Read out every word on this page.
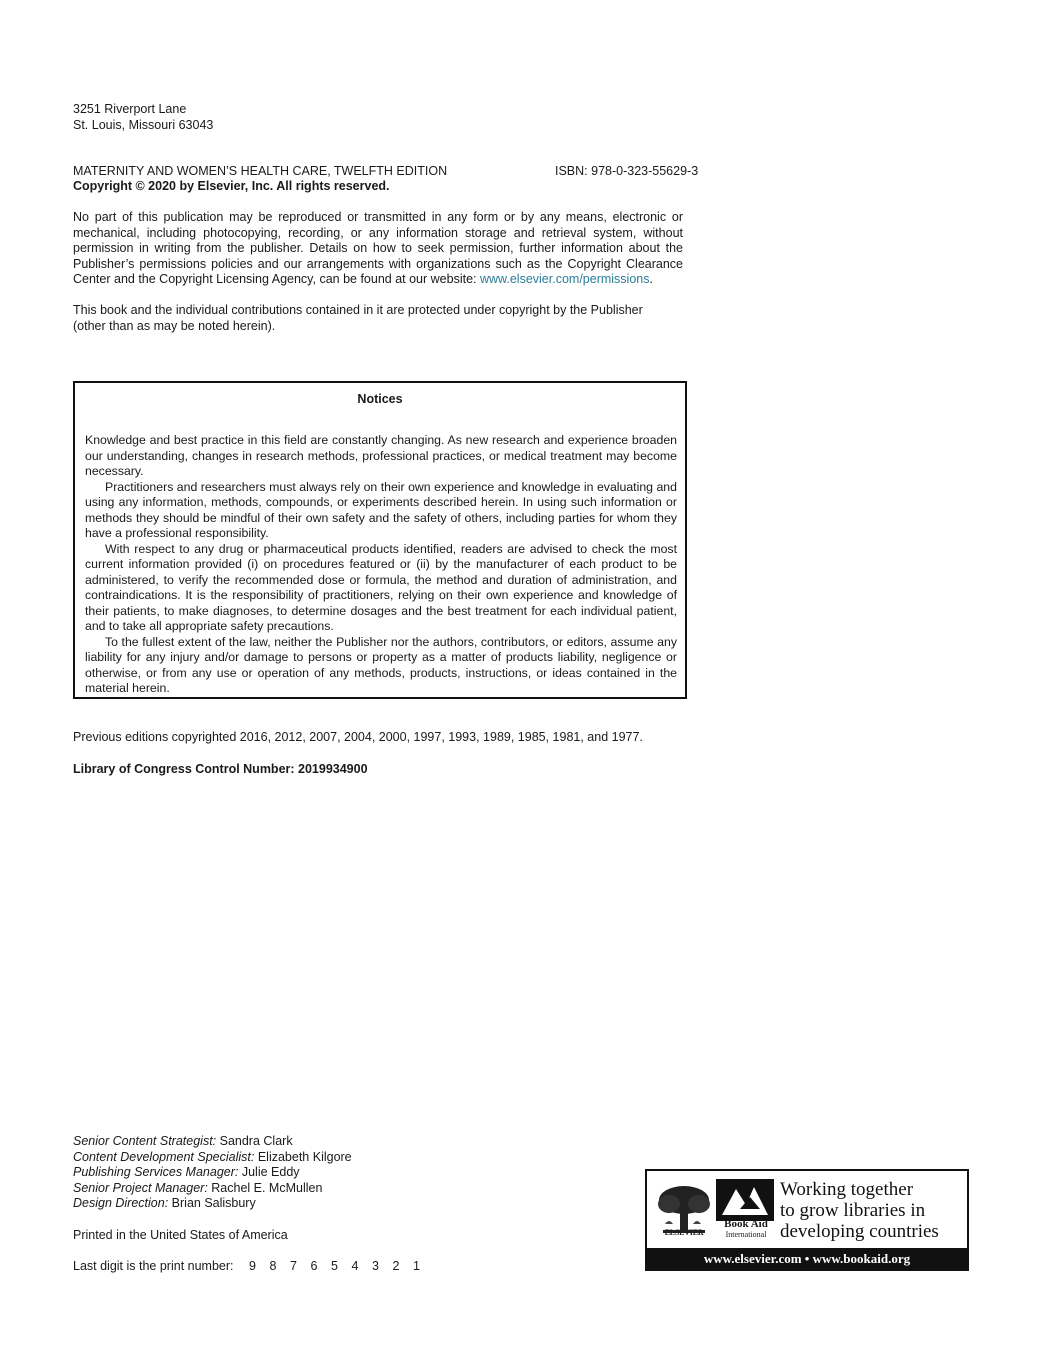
3251 Riverport Lane
St. Louis, Missouri 63043
MATERNITY AND WOMEN’S HEALTH CARE, TWELFTH EDITION	ISBN: 978-0-323-55629-3
Copyright © 2020 by Elsevier, Inc. All rights reserved.
No part of this publication may be reproduced or transmitted in any form or by any means, electronic or mechanical, including photocopying, recording, or any information storage and retrieval system, without permission in writing from the publisher. Details on how to seek permission, further information about the Publisher’s permissions policies and our arrangements with organizations such as the Copyright Clearance Center and the Copyright Licensing Agency, can be found at our website: www.elsevier.com/permissions.
This book and the individual contributions contained in it are protected under copyright by the Publisher (other than as may be noted herein).
Notices

Knowledge and best practice in this field are constantly changing. As new research and experience broaden our understanding, changes in research methods, professional practices, or medical treatment may become necessary.

Practitioners and researchers must always rely on their own experience and knowledge in evaluating and using any information, methods, compounds, or experiments described herein. In using such information or methods they should be mindful of their own safety and the safety of others, including parties for whom they have a professional responsibility.

With respect to any drug or pharmaceutical products identified, readers are advised to check the most current information provided (i) on procedures featured or (ii) by the manufacturer of each product to be administered, to verify the recommended dose or formula, the method and duration of administration, and contraindications. It is the responsibility of practitioners, relying on their own experience and knowledge of their patients, to make diagnoses, to determine dosages and the best treatment for each individual patient, and to take all appropriate safety precautions.

To the fullest extent of the law, neither the Publisher nor the authors, contributors, or editors, assume any liability for any injury and/or damage to persons or property as a matter of products liability, negligence or otherwise, or from any use or operation of any methods, products, instructions, or ideas contained in the material herein.

Previous editions copyrighted 2016, 2012, 2007, 2004, 2000, 1997, 1993, 1989, 1985, 1981, and 1977.
Library of Congress Control Number: 2019934900
Senior Content Strategist: Sandra Clark
Content Development Specialist: Elizabeth Kilgore
Publishing Services Manager: Julie Eddy
Senior Project Manager: Rachel E. McMullen
Design Direction: Brian Salisbury
Printed in the United States of America
Last digit is the print number: 9 8 7 6 5 4 3 2 1
ELSEVIER
Book Aid
International
Working together
to grow libraries in
developing countries
www.elsevier.com • www.bookaid.org
